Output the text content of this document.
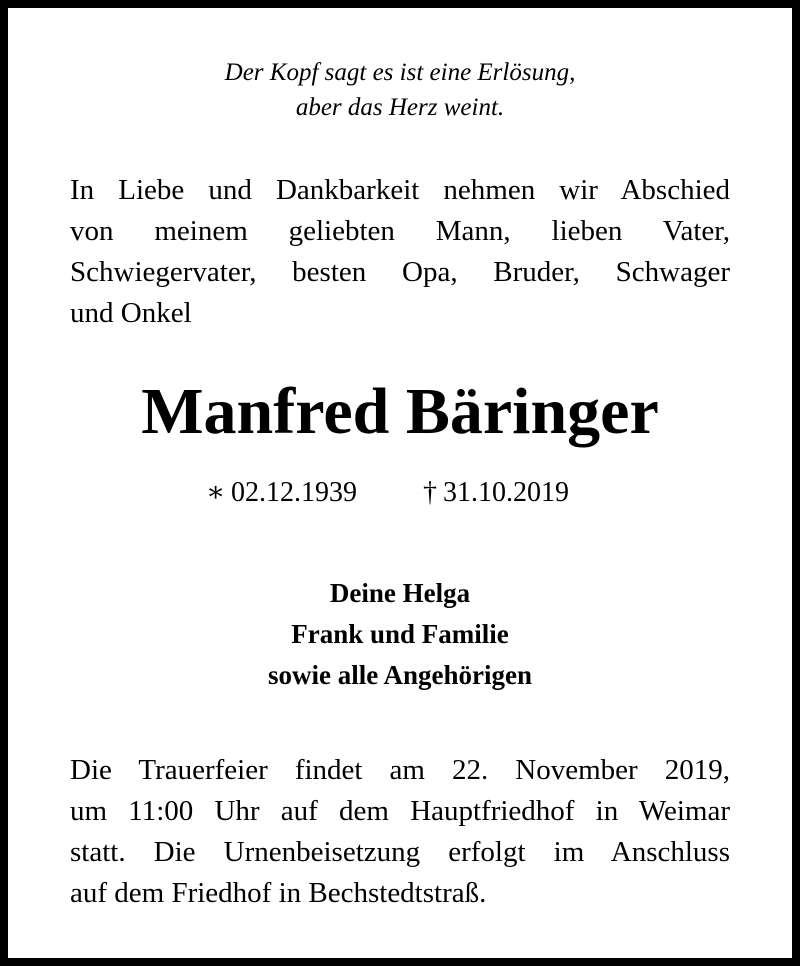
Der Kopf sagt es ist eine Erlösung,
aber das Herz weint.
In Liebe und Dankbarkeit nehmen wir Abschied
von meinem geliebten Mann, lieben Vater,
Schwiegervater, besten Opa, Bruder, Schwager
und Onkel
Manfred Bäringer
∗ 02.12.1939 † 31.10.2019
Deine Helga
Frank und Familie
sowie alle Angehörigen
Die Trauerfeier findet am 22. November 2019,
um 11:00 Uhr auf dem Hauptfriedhof in Weimar
statt. Die Urnenbeisetzung erfolgt im Anschluss
auf dem Friedhof in Bechstedtstraß.
